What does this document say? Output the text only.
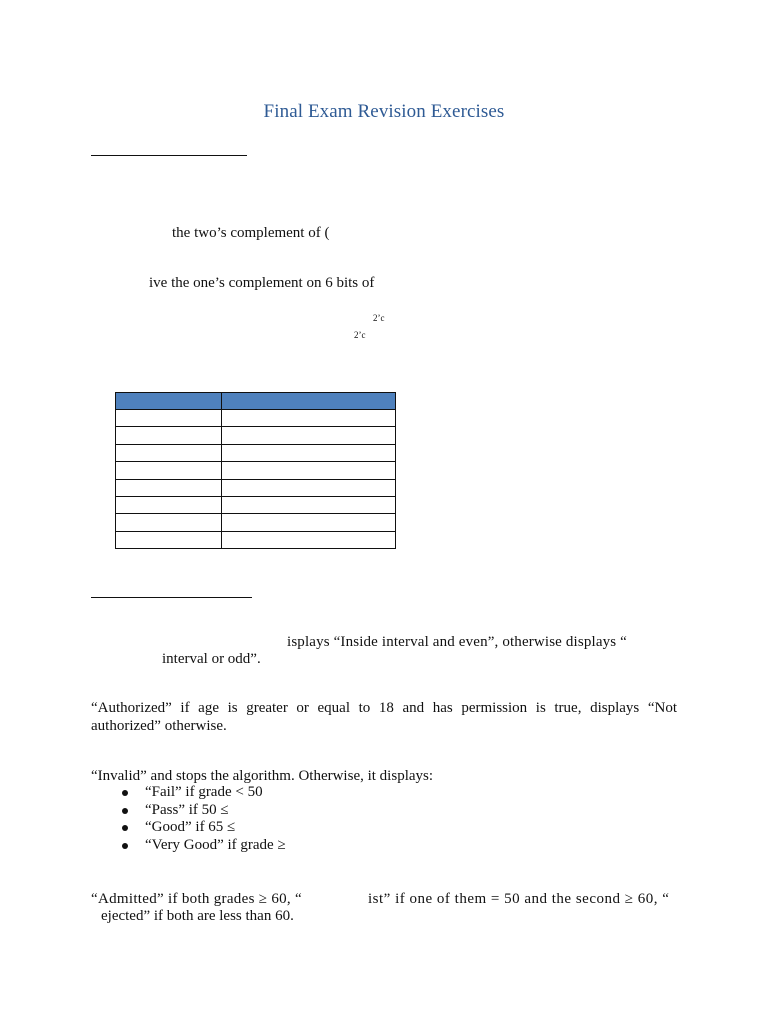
Final Exam Revision Exercises
the two’s complement of (
ive the one’s complement on 6 bits of
2’c
2’c

isplays “Inside interval and even”, otherwise displays “
interval or odd”.
“Authorized” if age is greater or equal to 18 and has permission is true, displays “Not authorized” otherwise.
“Invalid” and stops the algorithm. Otherwise, it displays:
“Fail” if grade < 50
“Pass” if 50 ≤
“Good” if 65 ≤
“Very Good” if grade ≥
“Admitted” if both grades ≥ 60, “	ist” if one of them = 50 and the second ≥ 60, “
ejected” if both are less than 60.
